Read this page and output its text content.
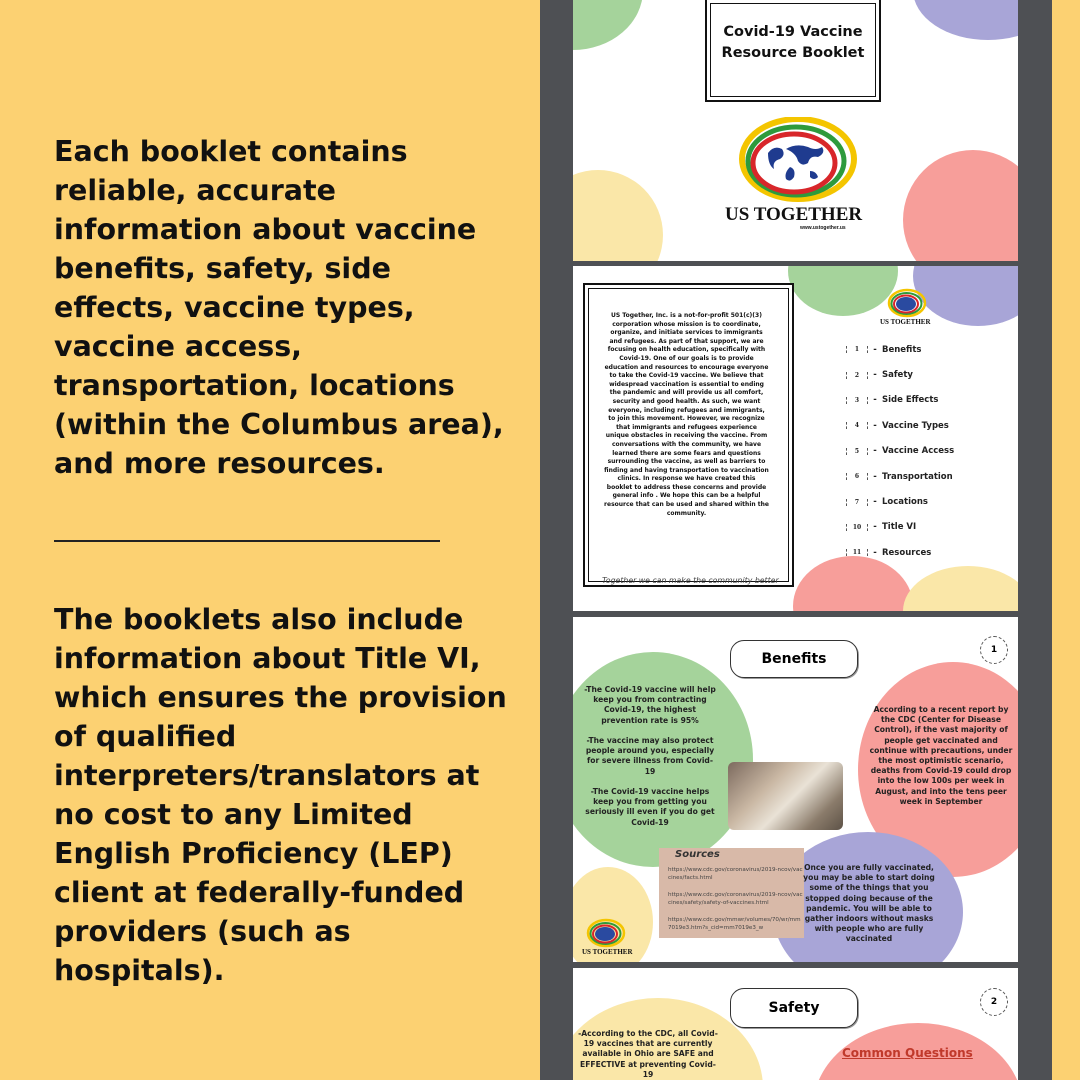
Each booklet contains reliable, accurate information about vaccine benefits, safety, side effects, vaccine types, vaccine access, transportation, locations (within the Columbus area), and more resources.

The booklets also include information about Title VI, which ensures the provision of qualified interpreters/translators at no cost to any Limited English Proficiency (LEP) client at federally-funded providers (such as hospitals).

Covid-19 Vaccine
Resource Booklet
US TOGETHER
www.ustogether.us
US Together, Inc. is a not-for-profit 501(c)(3) corporation whose mission is to coordinate, organize, and initiate services to immigrants and refugees. As part of that support, we are focusing on health education, specifically with Covid-19. One of our goals is to provide education and resources to encourage everyone to take the Covid-19 vaccine. We believe that widespread vaccination is essential to ending the pandemic and will provide us all comfort, security and good health. As such, we want everyone, including refugees and immigrants, to join this movement. However, we recognize that immigrants and refugees experience unique obstacles in receiving the vaccine. From conversations with the community, we have learned there are some fears and questions surrounding the vaccine, as well as barriers to finding and having transportation to vaccination clinics. In response we have created this booklet to address these concerns and provide general info . We hope this can be a helpful resource that can be used and shared within the community.
Together we can make the community better
US TOGETHER
1	- Benefits
2	- Safety
3	- Side Effects
4	- Vaccine Types
5	- Vaccine Access
6	- Transportation
7	- Locations
10	- Title VI
11	- Resources
Benefits
1
-The Covid-19 vaccine will help keep you from contracting Covid-19, the highest prevention rate is 95%

-The vaccine may also protect people around you, especially for severe illness from Covid-19

-The Covid-19 vaccine helps keep you from getting you seriously ill even if you do get Covid-19
According to a recent report by the CDC (Center for Disease Control), if the vast majority of people get vaccinated and continue with precautions, under the most optimistic scenario, deaths from Covid-19 could drop into the low 100s per week in August, and into the tens peer week in September
Sources
https://www.cdc.gov/coronavirus/2019-ncov/vaccines/facts.html
https://www.cdc.gov/coronavirus/2019-ncov/vaccines/safety/safety-of-vaccines.html
https://www.cdc.gov/mmwr/volumes/70/wr/mm7019e3.htm?s_cid=mm7019e3_w
Once you are fully vaccinated, you may be able to start doing some of the things that you stopped doing because of the pandemic. You will be able to gather indoors without masks with people who are fully vaccinated
US TOGETHER
Safety	2
-According to the CDC, all Covid-19 vaccines that are currently available in Ohio are SAFE and EFFECTIVE at preventing Covid-19
Common Questions
